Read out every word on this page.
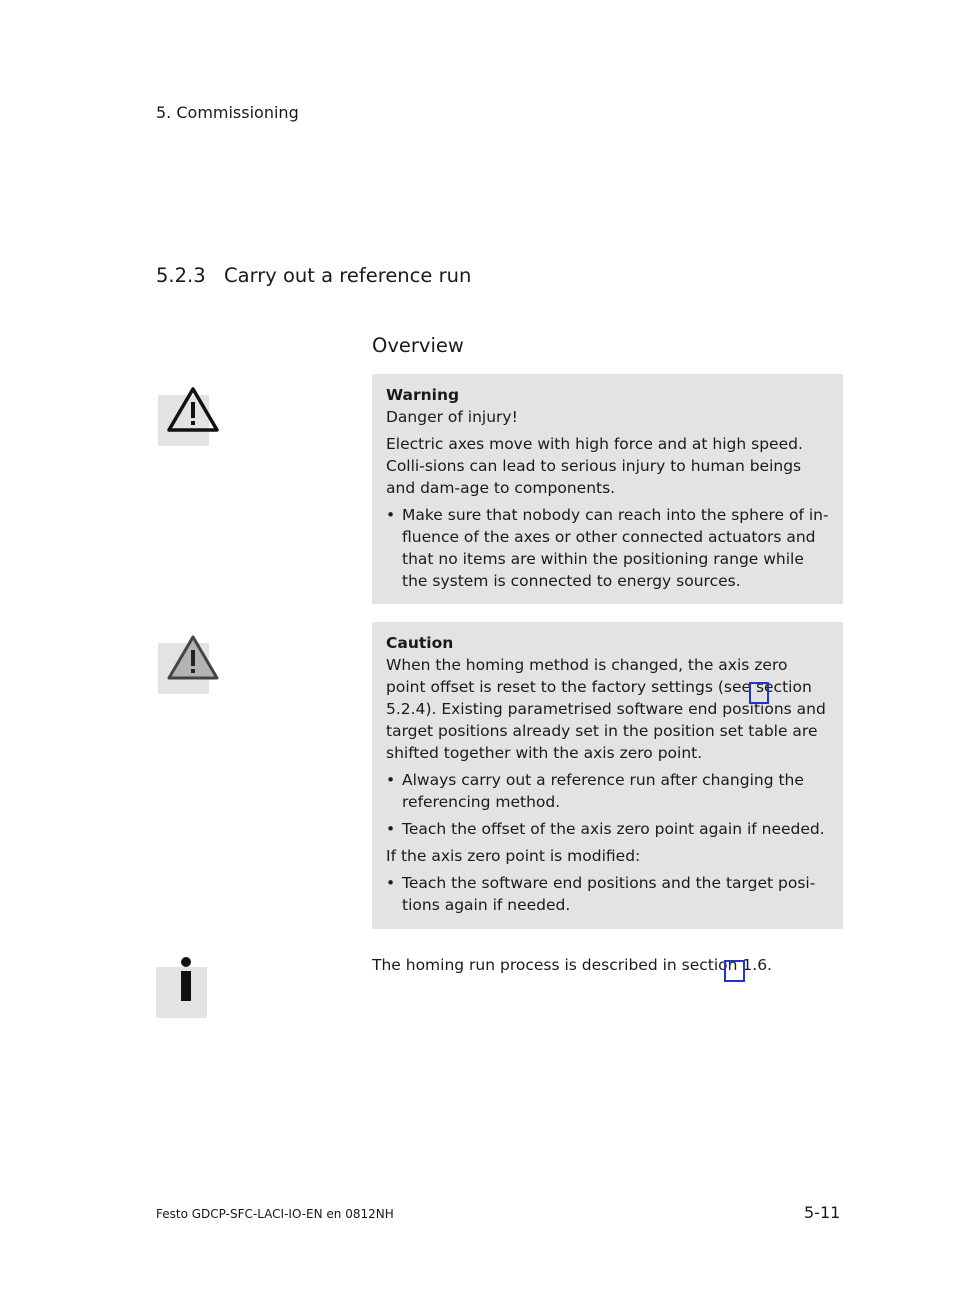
5. Commissioning
5.2.3 Carry out a reference run
Overview

Warning

Danger of injury!

Electric axes move with high force and at high speed. Colli-sions can lead to serious injury to human beings and dam-age to components.

• Make sure that nobody can reach into the sphere of in-fluence of the axes or other connected actuators and that no items are within the positioning range while the system is connected to energy sources.

Caution

When the homing method is changed, the axis zero point offset is reset to the factory settings (see section 5.2.4). Existing parametrised software end positions and target positions already set in the position set table are shifted together with the axis zero point.

• Always carry out a reference run after changing the referencing method.
• Teach the offset of the axis zero point again if needed.

If the axis zero point is modified:

• Teach the software end positions and the target posi-tions again if needed.
The homing run process is described in section 1.6.
Festo GDCP-SFC-LACI-IO-EN en 0812NH	5-11
